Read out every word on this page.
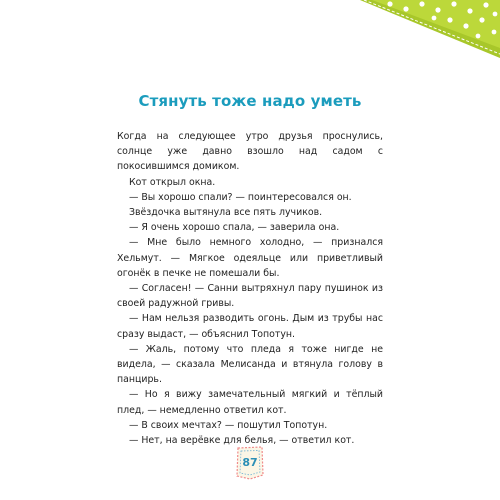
Стянуть тоже надо уметь

Когда на следующее утро друзья проснулись, солнце уже давно взошло над садом с покосившимся домиком.

Кот открыл окна.

— Вы хорошо спали? — поинтересовался он.

Звёздочка вытянула все пять лучиков.

— Я очень хорошо спала, — заверила она.

— Мне было немного холодно, — признался Хельмут. — Мягкое одеяльце или приветливый огонёк в печке не помешали бы.

— Согласен! — Санни вытряхнул пару пушинок из своей радужной гривы.

— Нам нельзя разводить огонь. Дым из трубы нас сразу выдаст, — объяснил Топотун.

— Жаль, потому что пледа я тоже нигде не видела, — сказала Мелисанда и втянула голову в панцирь.

— Но я вижу замечательный мягкий и тёплый плед, — немедленно ответил кот.

— В своих мечтах? — пошутил Топотун.

— Нет, на верёвке для белья, — ответил кот.

87
